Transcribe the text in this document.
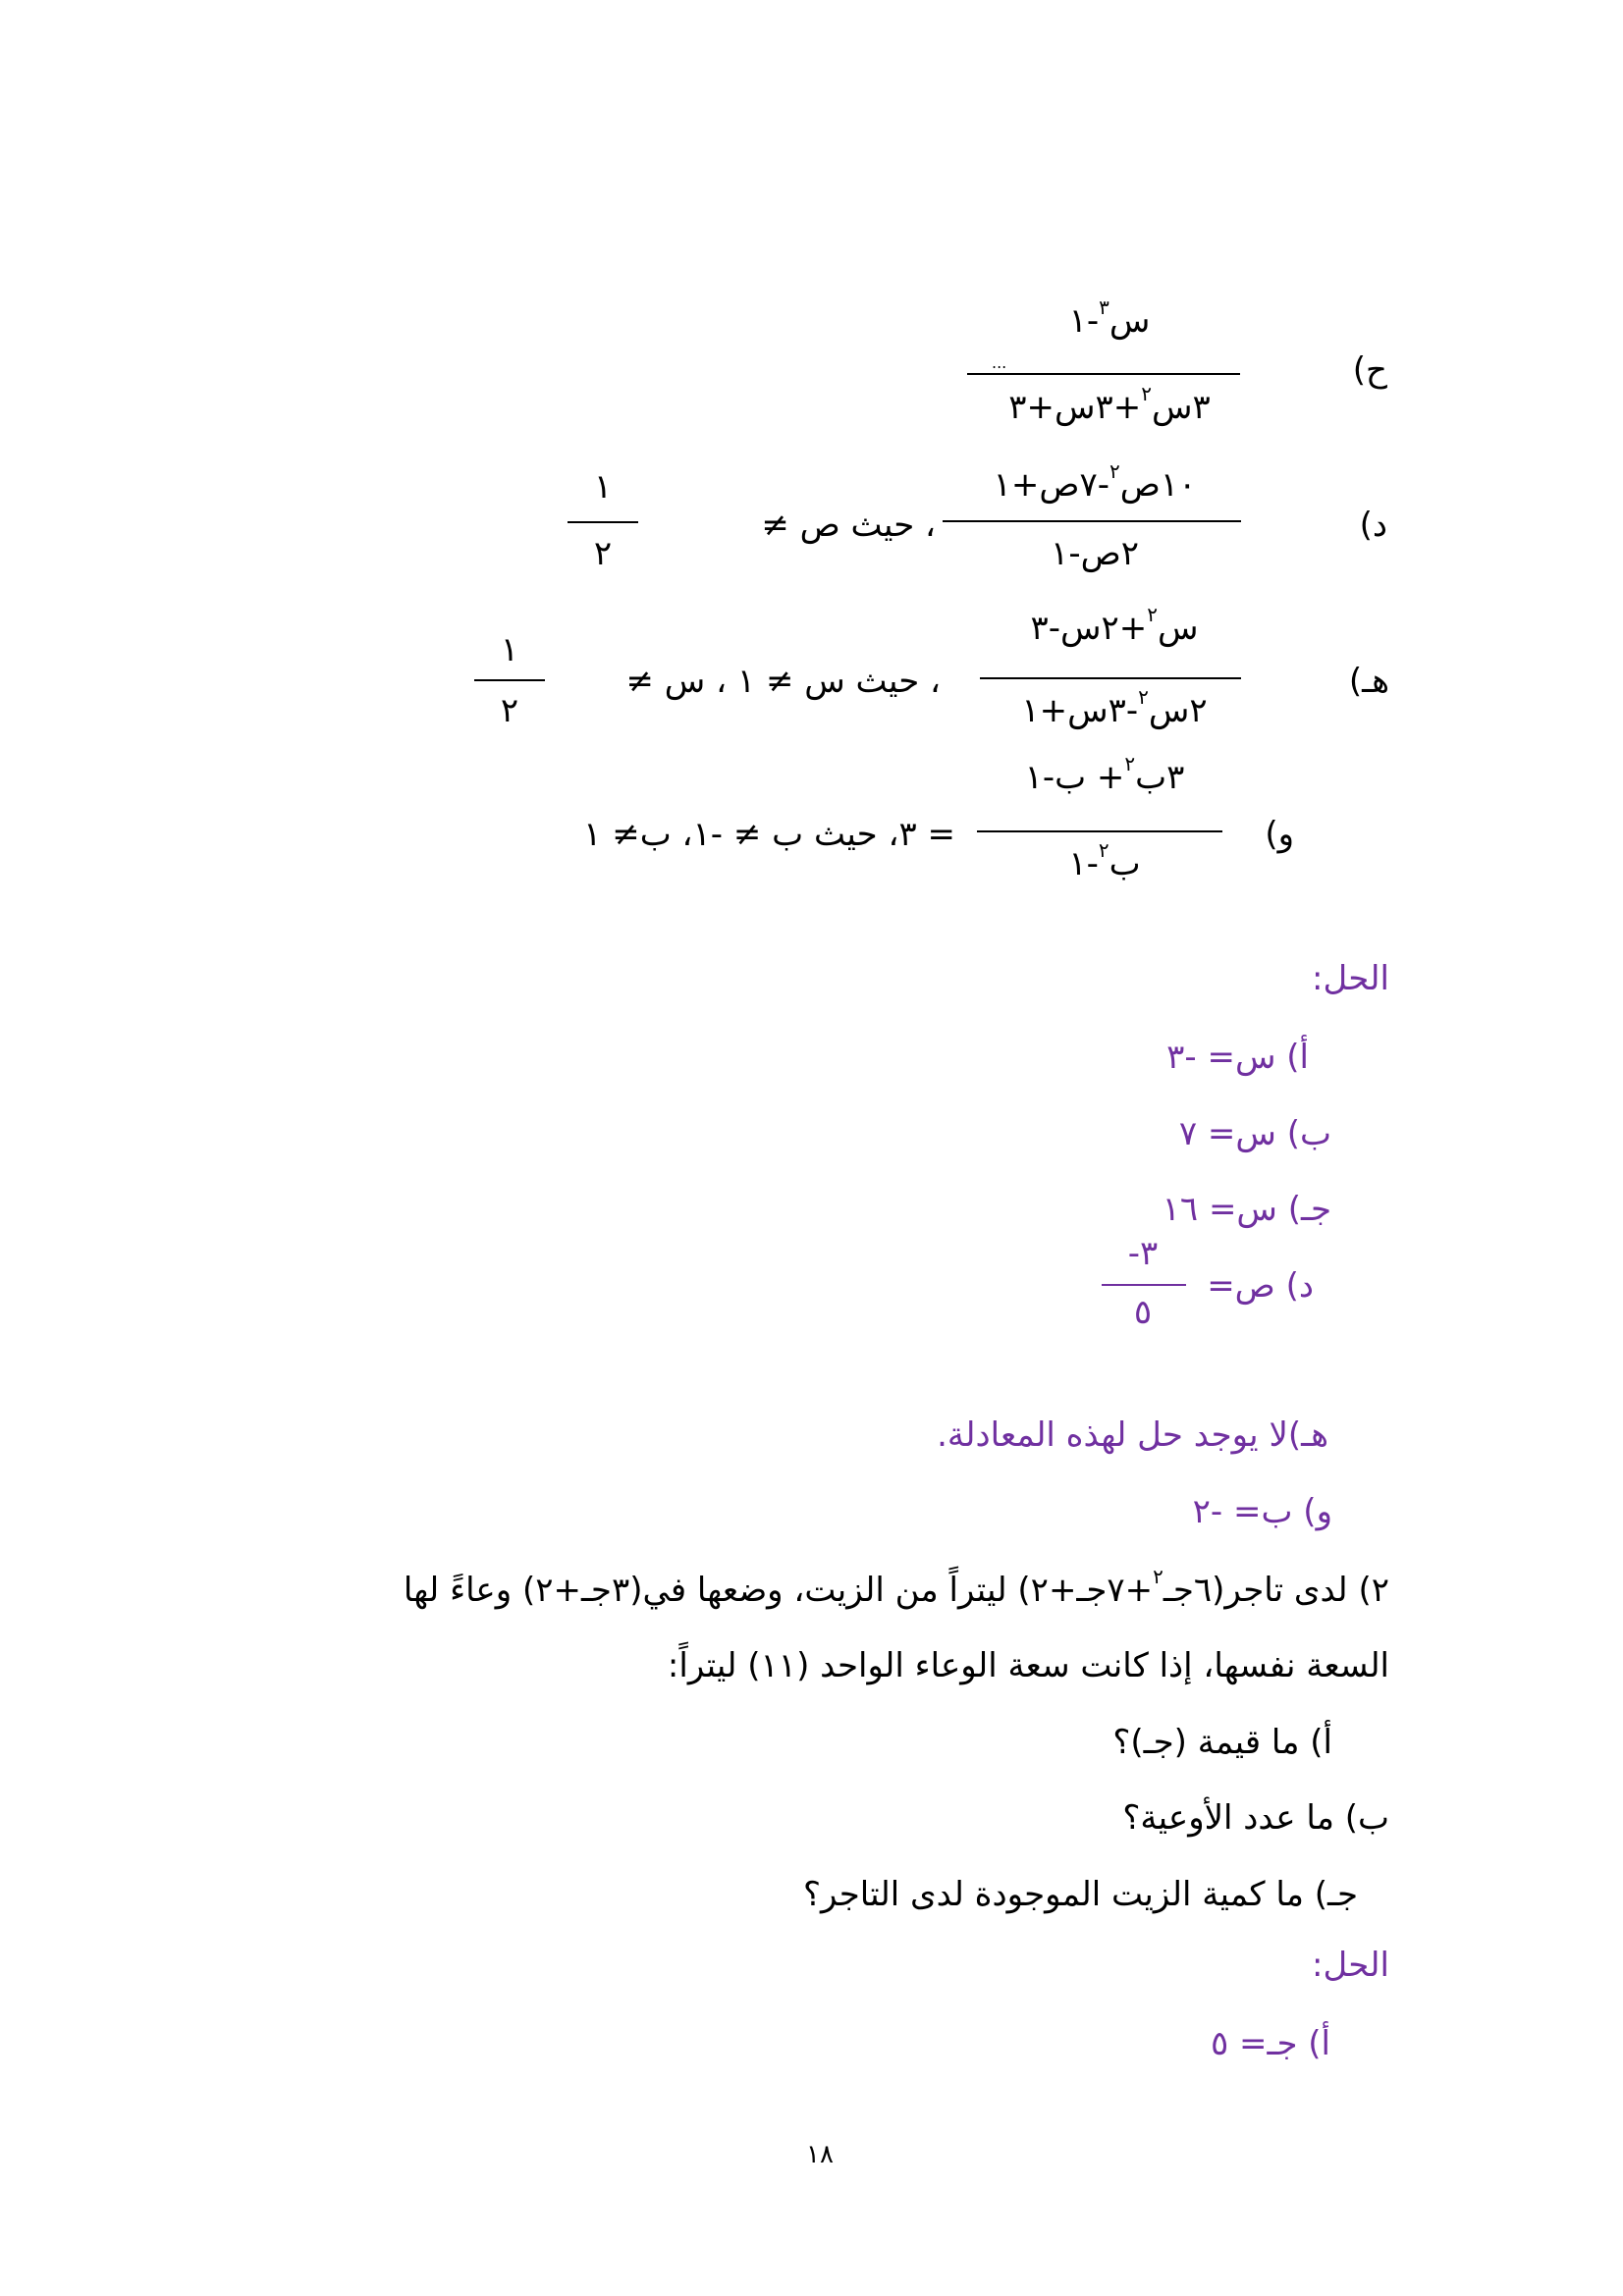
ح)
س$^٣$-١
...
٣س$^٢$+٣س+٣
د)
١٠ص$^٢$-٧ص+١
٢ص-١
، حيث ص ≠
١
٢
هـ)
س$^٢$+٢س-٣
٢س$^٢$-٣س+١
، حيث س ≠ ١ ، س ≠
١
٢
و)
٣ب$^٢$+ ب-١
ب$^٢$-١
= ٣، حيث ب ≠ -١، ب≠ ١
الحل:
أ) س= -٣
ب) س= ٧
جـ) س= ١٦
د) ص=
-٣
٥
هـ)لا يوجد حل لهذه المعادلة.
و) ب= -٢
٢) لدى تاجر(٦جـ$^٢$+٧جـ+٢) ليتراً من الزيت، وضعها في(٣جـ+٢) وعاءً لها
السعة نفسها، إذا كانت سعة الوعاء الواحد (١١) ليتراً:
أ) ما قيمة (جـ)؟
ب) ما عدد الأوعية؟
جـ) ما كمية الزيت الموجودة لدى التاجر؟
الحل:
أ) جـ= ٥
١٨
